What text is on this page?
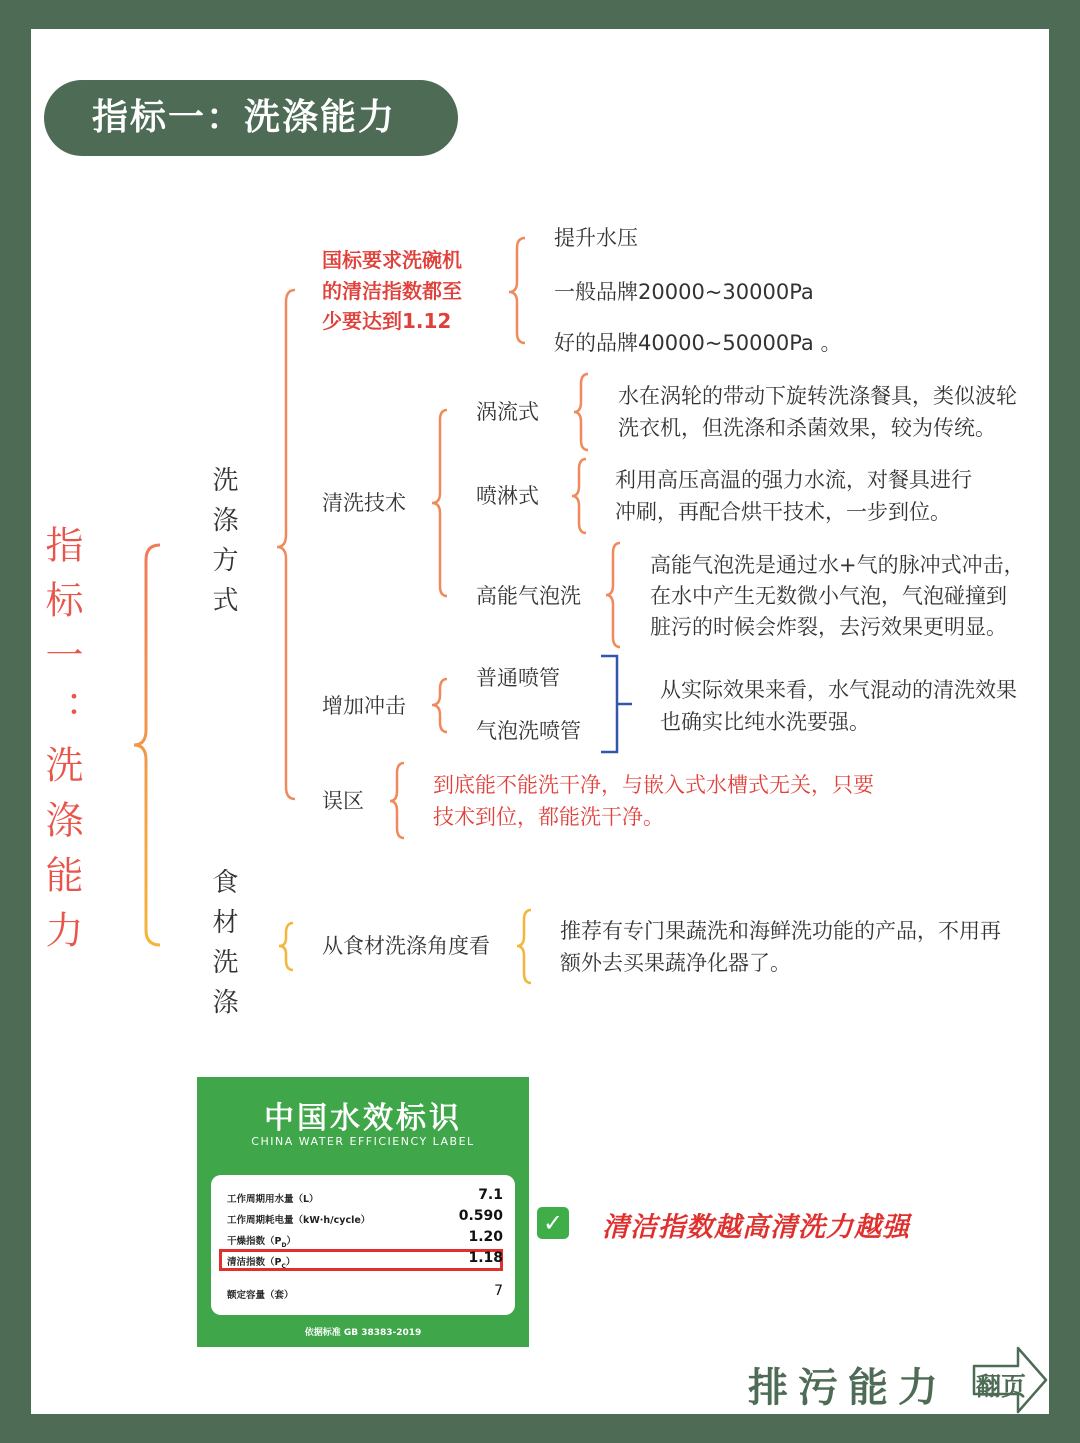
指标一：洗涤能力
指标一：洗涤能力	洗涤方式
食材洗涤
国标要求洗碗机
的清洁指数都至
少要达到1.12
提升水压
一般品牌20000~30000Pa
好的品牌40000~50000Pa 。
清洗技术
涡流式
水在涡轮的带动下旋转洗涤餐具，类似波轮
洗衣机，但洗涤和杀菌效果，较为传统。
喷淋式
利用高压高温的强力水流，对餐具进行
冲刷，再配合烘干技术，一步到位。
高能气泡洗
高能气泡洗是通过水+气的脉冲式冲击，
在水中产生无数微小气泡，气泡碰撞到
脏污的时候会炸裂，去污效果更明显。
增加冲击
普通喷管
气泡洗喷管
从实际效果来看，水气混动的清洗效果
也确实比纯水洗要强。
误区
到底能不能洗干净，与嵌入式水槽式无关，只要
技术到位，都能洗干净。
从食材洗涤角度看
推荐有专门果蔬洗和海鲜洗功能的产品，不用再
额外去买果蔬净化器了。
中国水效标识
CHINA WATER EFFICIENCY LABEL
工作周期用水量（L）	7.1
工作周期耗电量（kW·h/cycle）	0.590
干燥指数$(P_D)$	1.20
清洁指数$(P_C)$	1.18
额定容量（套）	7
依据标准 GB 38383-2019
✓ 清洁指数越高清洗力越强
排污能力 翻页
